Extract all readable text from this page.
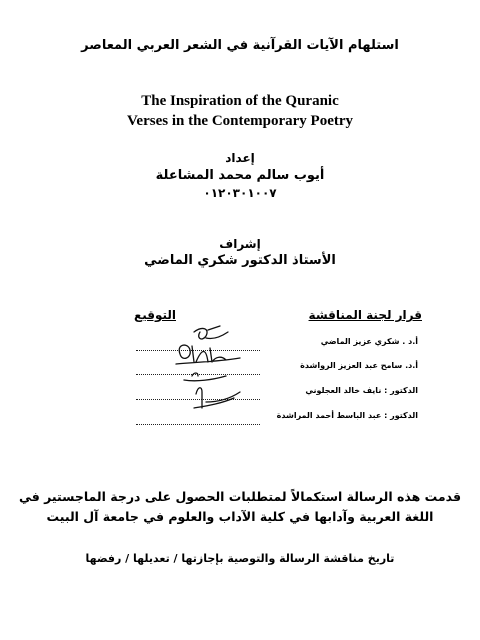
استلهام الآيات القرآنية في الشعر العربي المعاصر
The Inspiration of the Quranic
Verses in the Contemporary Poetry
إعداد
أيوب سالم محمد المشاعلة
٠١٢٠٣٠١٠٠٧
إشراف
الأستاذ الدكتور شكري الماضي
قرار لجنة المناقشة
التوقيع
أ.د . شكري عزيز الماضي
أ.د. سامح عبد العزيز الرواشدة
الدكتور : نايف خالد العجلوني
الدكتور : عبد الباسط أحمد المراشدة
قدمت هذه الرسالة استكمالاً لمتطلبات الحصول على درجة الماجستير في
اللغة العربية وآدابها في كلية الآداب والعلوم في جامعة آل البيت
تاريخ مناقشة الرسالة والتوصية بإجازتها / تعديلها / رفضها
